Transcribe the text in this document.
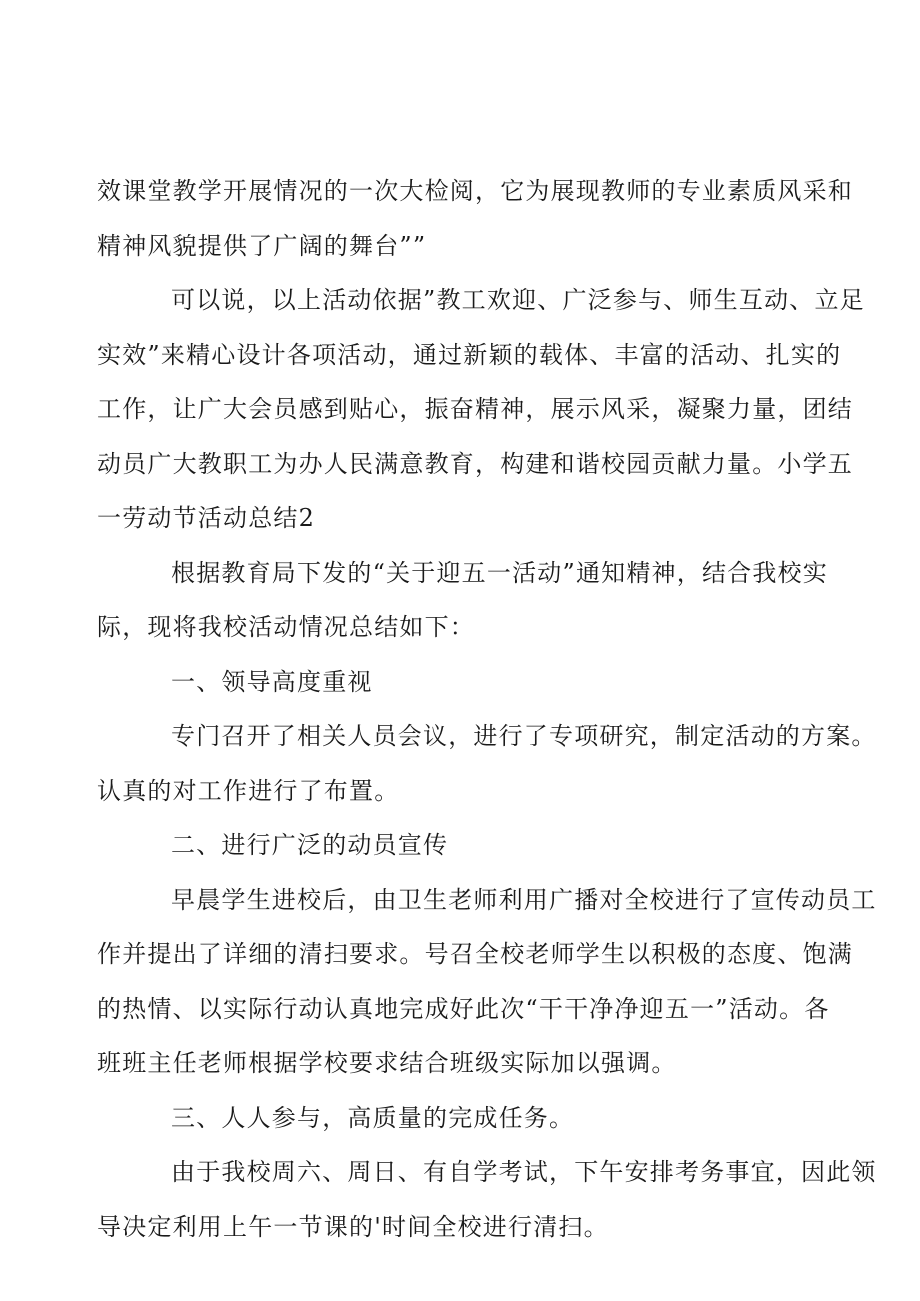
效课堂教学开展情况的一次大检阅，它为展现教师的专业素质风采和
精神风貌提供了广阔的舞台””
可以说，以上活动依据”教工欢迎、广泛参与、师生互动、立足
实效”来精心设计各项活动，通过新颖的载体、丰富的活动、扎实的
工作，让广大会员感到贴心，振奋精神，展示风采，凝聚力量，团结
动员广大教职工为办人民满意教育，构建和谐校园贡献力量。小学五
一劳动节活动总结2
根据教育局下发的“关于迎五一活动”通知精神，结合我校实
际，现将我校活动情况总结如下：
一、领导高度重视
专门召开了相关人员会议，进行了专项研究，制定活动的方案。
认真的对工作进行了布置。
二、进行广泛的动员宣传
早晨学生进校后，由卫生老师利用广播对全校进行了宣传动员工
作并提出了详细的清扫要求。号召全校老师学生以积极的态度、饱满
的热情、以实际行动认真地完成好此次“干干净净迎五一”活动。各
班班主任老师根据学校要求结合班级实际加以强调。
三、人人参与，高质量的完成任务。
由于我校周六、周日、有自学考试，下午安排考务事宜，因此领
导决定利用上午一节课的'时间全校进行清扫。
